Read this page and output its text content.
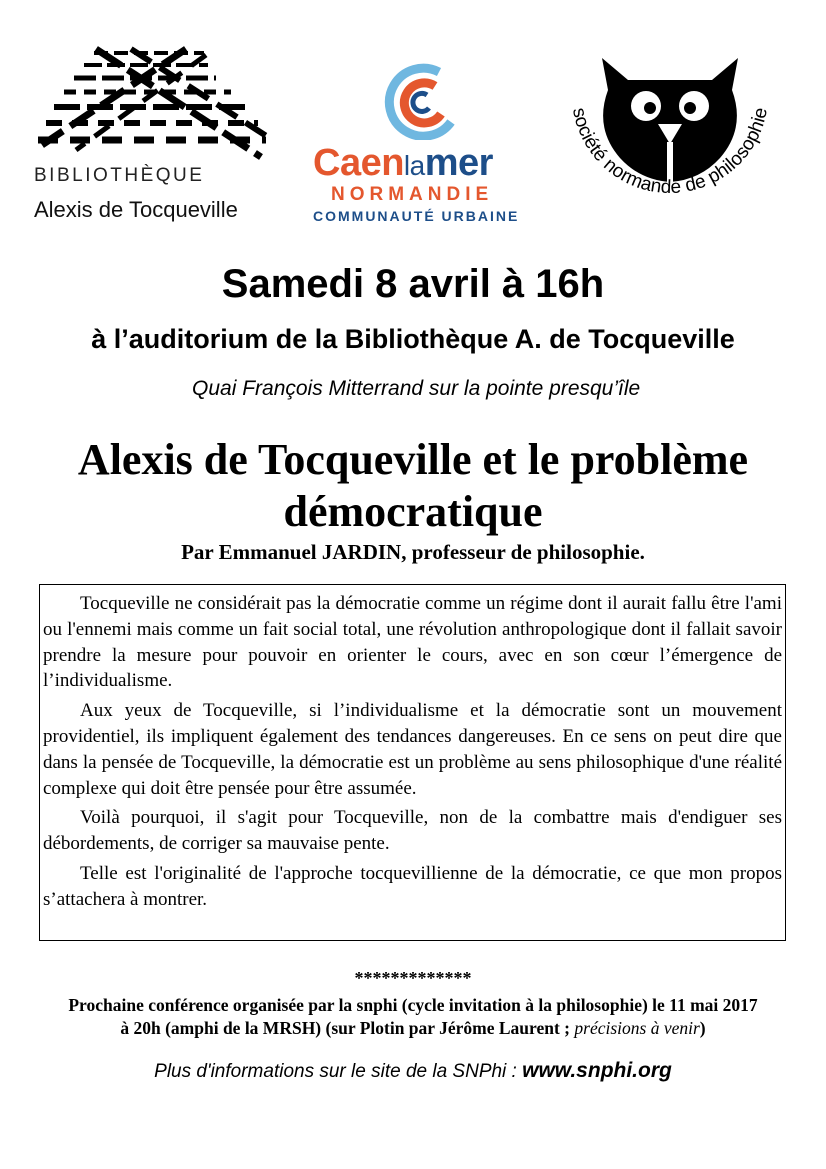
BIBLIOTHÈQUE
Alexis de Tocqueville
Caenlamer
NORMANDIE
COMMUNAUTÉ URBAINE
société normande de philosophie
Samedi 8 avril à 16h
à l’auditorium de la Bibliothèque A. de Tocqueville
Quai François Mitterrand sur la pointe presqu’île
Alexis de Tocqueville et le problème démocratique
Par Emmanuel JARDIN, professeur de philosophie.

Tocqueville ne considérait pas la démocratie comme un régime dont il aurait fallu être l'ami ou l'ennemi mais comme un fait social total, une révolution anthropologique dont il fallait savoir prendre la mesure pour pouvoir en orienter le cours, avec en son cœur l’émergence de l’individualisme.

Aux yeux de Tocqueville, si l’individualisme et la démocratie sont un mouvement providentiel, ils impliquent également des tendances dangereuses. En ce sens on peut dire que dans la pensée de Tocqueville, la démocratie est un problème au sens philosophique d'une réalité complexe qui doit être pensée pour être assumée.

Voilà pourquoi, il s'agit pour Tocqueville, non de la combattre mais d'endiguer ses débordements, de corriger sa mauvaise pente.

Telle est l'originalité de l'approche tocquevillienne de la démocratie, ce que mon propos s’attachera à montrer.

*************
Prochaine conférence organisée par la snphi (cycle invitation à la philosophie) le 11 mai 2017
à 20h (amphi de la MRSH) (sur Plotin par Jérôme Laurent ; précisions à venir)
Plus d'informations sur le site de la SNPhi : www.snphi.org
